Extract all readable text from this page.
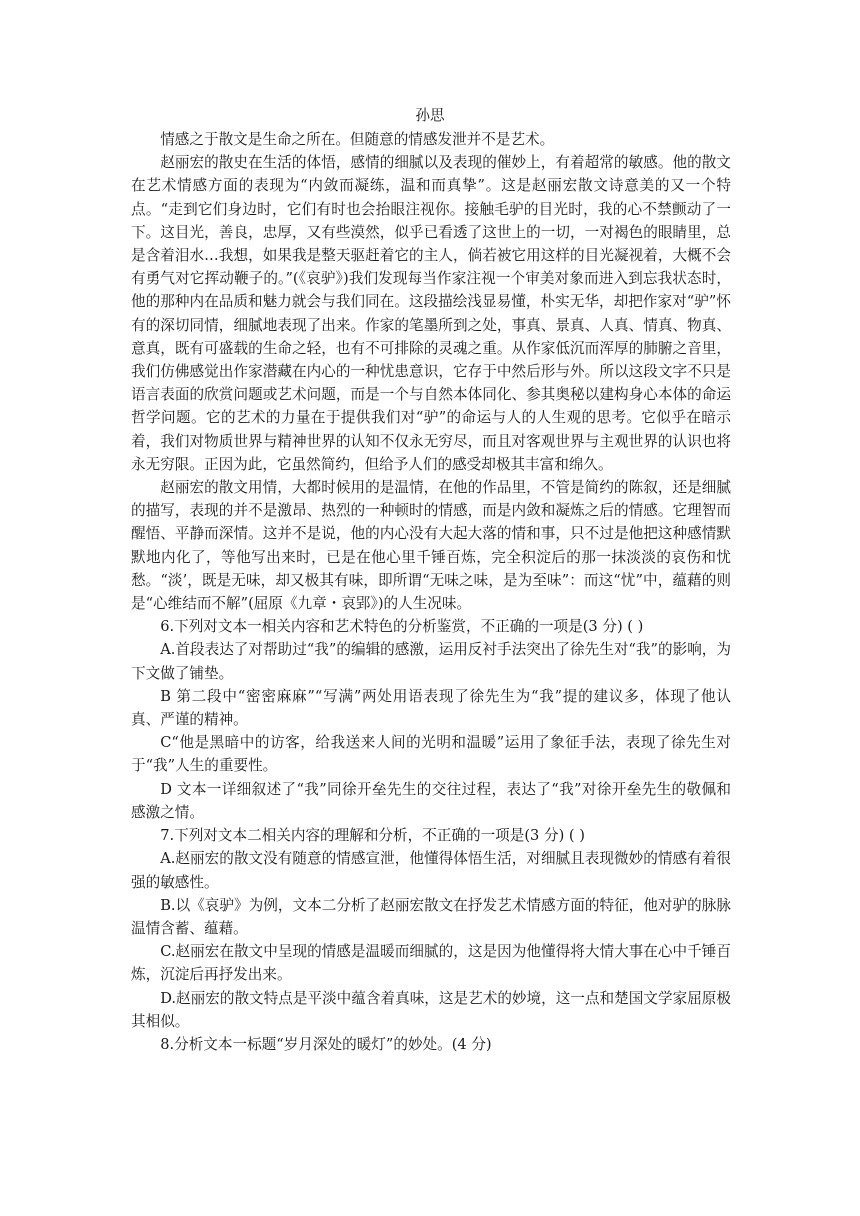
孙思

情感之于散文是生命之所在。但随意的情感发泄并不是艺术。

赵丽宏的散史在生活的体悟，感情的细腻以及表现的催妙上，有着超常的敏感。他的散文在艺术情感方面的表现为“内敛而凝练，温和而真挚”。这是赵丽宏散文诗意美的又一个特点。“走到它们身边时，它们有时也会抬眼注视你。接触毛驴的目光时，我的心不禁颤动了一下。这目光，善良，忠厚，又有些漠然，似乎已看透了这世上的一切，一对褐色的眼睛里，总是含着泪水…我想，如果我是整天驱赶着它的主人，倘若被它用这样的目光凝视着，大概不会有勇气对它挥动鞭子的。”(《哀驴》)我们发现每当作家注视一个审美对象而进入到忘我状态时，他的那种内在品质和魅力就会与我们同在。这段描绘浅显易懂，朴实无华，却把作家对“驴”怀有的深切同情，细腻地表现了出来。作家的笔墨所到之处，事真、景真、人真、情真、物真、意真，既有可盛载的生命之轻，也有不可排除的灵魂之重。从作家低沉而浑厚的肺腑之音里，我们仿佛感觉出作家潜藏在内心的一种忧患意识，它存于中然后形与外。所以这段文字不只是语言表面的欣赏问题或艺术问题，而是一个与自然本体同化、参其奥秘以建构身心本体的命运哲学问题。它的艺术的力量在于提供我们对“驴”的命运与人的人生观的思考。它似乎在暗示着，我们对物质世界与精神世界的认知不仅永无穷尽，而且对客观世界与主观世界的认识也将永无穷限。正因为此，它虽然简约，但给予人们的感受却极其丰富和绵久。

赵丽宏的散文用情，大都时候用的是温情，在他的作品里，不管是简约的陈叙，还是细腻的描写，表现的并不是激昂、热烈的一种顿时的情感，而是内敛和凝炼之后的情感。它理智而醒悟、平静而深情。这并不是说，他的内心没有大起大落的情和事，只不过是他把这种感情默默地内化了，等他写出来时，已是在他心里千锤百炼，完全积淀后的那一抹淡淡的哀伤和忧愁。“淡’，既是无味，却又极其有味，即所谓“无味之味，是为至味”：而这“忧”中，蕴藉的则是“心维结而不解”(屈原《九章・哀郢》)的人生况味。

6.下列对文本一相关内容和艺术特色的分析鉴赏，不正确的一项是(3 分) ( )

A.首段表达了对帮助过“我”的编辑的感激，运用反衬手法突出了徐先生对“我”的影响，为下文做了铺垫。

B 第二段中“密密麻麻”“写满”两处用语表现了徐先生为“我”提的建议多，体现了他认真、严谨的精神。

C“他是黑暗中的访客，给我送来人间的光明和温暖”运用了象征手法，表现了徐先生对于“我”人生的重要性。

D 文本一详细叙述了“我”同徐开垒先生的交往过程，表达了“我”对徐开垒先生的敬佩和感激之情。

7.下列对文本二相关内容的理解和分析，不正确的一项是(3 分) ( )

A.赵丽宏的散文没有随意的情感宣泄，他懂得体悟生活，对细腻且表现微妙的情感有着很强的敏感性。

B.以《哀驴》为例，文本二分析了赵丽宏散文在抒发艺术情感方面的特征，他对驴的脉脉温情含蓄、蕴藉。

C.赵丽宏在散文中呈现的情感是温暖而细腻的，这是因为他懂得将大情大事在心中千锤百炼，沉淀后再抒发出来。

D.赵丽宏的散文特点是平淡中蕴含着真味，这是艺术的妙境，这一点和楚国文学家屈原极其相似。

8.分析文本一标题“岁月深处的暖灯”的妙处。(4 分)
